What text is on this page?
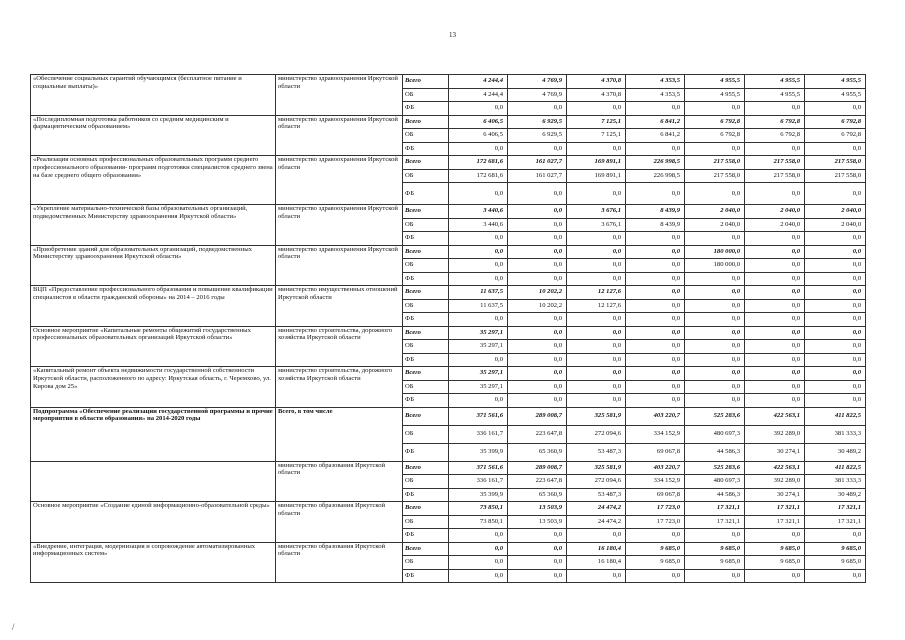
13
«Обеспечение социальных гарантий обучающимся (бесплатное питание и социальные выплаты)»	министерство здравоохранения Иркутской области	Всего	4 244,4	4 769,9	4 370,8	4 353,5	4 955,5	4 955,5	4 955,5
		ОБ	4 244,4	4 769,9	4 370,8	4 353,5	4 955,5	4 955,5	4 955,5
		ФБ	0,0	0,0	0,0	0,0	0,0	0,0	0,0
«Последипломная подготовка работников со средним медицинским и фармацевтическим образованием»	министерство здравоохранения Иркутской области	Всего	6 406,5	6 929,5	7 125,1	6 841,2	6 792,8	6 792,8	6 792,8
		ОБ	6 406,5	6 929,5	7 125,1	6 841,2	6 792,8	6 792,8	6 792,8
		ФБ	0,0	0,0	0,0	0,0	0,0	0,0	0,0
«Реализация основных профессиональных образовательных программ среднего профессионального образования- программ подготовки специалистов среднего звена на базе среднего общего образования»	министерство здравоохранения Иркутской области	Всего	172 681,6	161 027,7	169 891,1	226 998,5	217 558,0	217 558,0	217 558,0
		ОБ	172 681,6	161 027,7	169 891,1	226 998,5	217 558,0	217 558,0	217 558,0
		ФБ	0,0	0,0	0,0	0,0	0,0	0,0	0,0
«Укрепление материально-технической базы образовательных организаций, подведомственных Министерству здравоохранения Иркутской области»	министерство здравоохранения Иркутской области	Всего	3 440,6	0,0	3 676,1	8 439,9	2 040,0	2 040,0	2 040,0
		ОБ	3 440,6	0,0	3 676,1	8 439,9	2 040,0	2 040,0	2 040,0
		ФБ	0,0	0,0	0,0	0,0	0,0	0,0	0,0
«Приобретение зданий для образовательных организаций, подведомственных Министерству здравоохранения Иркутской области»	министерство здравоохранения Иркутской области	Всего	0,0	0,0	0,0	0,0	180 000,0	0,0	0,0
		ОБ	0,0	0,0	0,0	0,0	180 000,0	0,0	0,0
		ФБ	0,0	0,0	0,0	0,0	0,0	0,0	0,0
ВЦП «Предоставление профессионального образования и повышение квалификации специалистов в области гражданской обороны» на 2014 – 2016 годы	министерство имущественных отношений Иркутской области	Всего	11 637,5	10 202,2	12 127,6	0,0	0,0	0,0	0,0
		ОБ	11 637,5	10 202,2	12 127,6	0,0	0,0	0,0	0,0
		ФБ	0,0	0,0	0,0	0,0	0,0	0,0	0,0
Основное мероприятие «Капитальные ремонты общежитий государственных профессиональных образовательных организаций Иркутской области»	министерство строительства, дорожного хозяйства Иркутской области	Всего	35 297,1	0,0	0,0	0,0	0,0	0,0	0,0
		ОБ	35 297,1	0,0	0,0	0,0	0,0	0,0	0,0
		ФБ	0,0	0,0	0,0	0,0	0,0	0,0	0,0
«Капитальный ремонт объекта недвижимости государственной собственности Иркутской области, расположенного по адресу: Иркутская область, г. Черемхово, ул. Кирова дом 25»	министерство строительства, дорожного хозяйства Иркутской области	Всего	35 297,1	0,0	0,0	0,0	0,0	0,0	0,0
		ОБ	35 297,1	0,0	0,0	0,0	0,0	0,0	0,0
		ФБ	0,0	0,0	0,0	0,0	0,0	0,0	0,0
Подпрограмма «Обеспечение реализации государственной программы и прочие мероприятия в области образования» на 2014-2020 годы	Всего, в том числе	Всего	371 561,6	289 008,7	325 581,9	403 220,7	525 283,6	422 563,1	411 822,5
		ОБ	336 161,7	223 647,8	272 094,6	334 152,9	480 697,3	392 289,0	381 333,3
		ФБ	35 399,9	65 360,9	53 487,3	69 067,8	44 586,3	30 274,1	30 489,2
	министерство образования Иркутской области	Всего	371 561,6	289 008,7	325 581,9	403 220,7	525 283,6	422 563,1	411 822,5
		ОБ	336 161,7	223 647,8	272 094,6	334 152,9	480 697,3	392 289,0	381 333,3
		ФБ	35 399,9	65 360,9	53 487,3	69 067,8	44 586,3	30 274,1	30 489,2
Основное мероприятие «Создание единой информационно-образовательной среды»	министерство образования Иркутской области	Всего	73 850,1	13 503,9	24 474,2	17 723,0	17 321,1	17 321,1	17 321,1
		ОБ	73 850,1	13 503,9	24 474,2	17 723,0	17 321,1	17 321,1	17 321,1
		ФБ	0,0	0,0	0,0	0,0	0,0	0,0	0,0
«Внедрение, интеграция, модернизация и сопровождение автоматизированных информационных систем»	министерство образования Иркутской области	Всего	0,0	0,0	16 180,4	9 685,0	9 685,0	9 685,0	9 685,0
		ОБ	0,0	0,0	16 180,4	9 685,0	9 685,0	9 685,0	9 685,0
		ФБ	0,0	0,0	0,0	0,0	0,0	0,0	0,0
/
